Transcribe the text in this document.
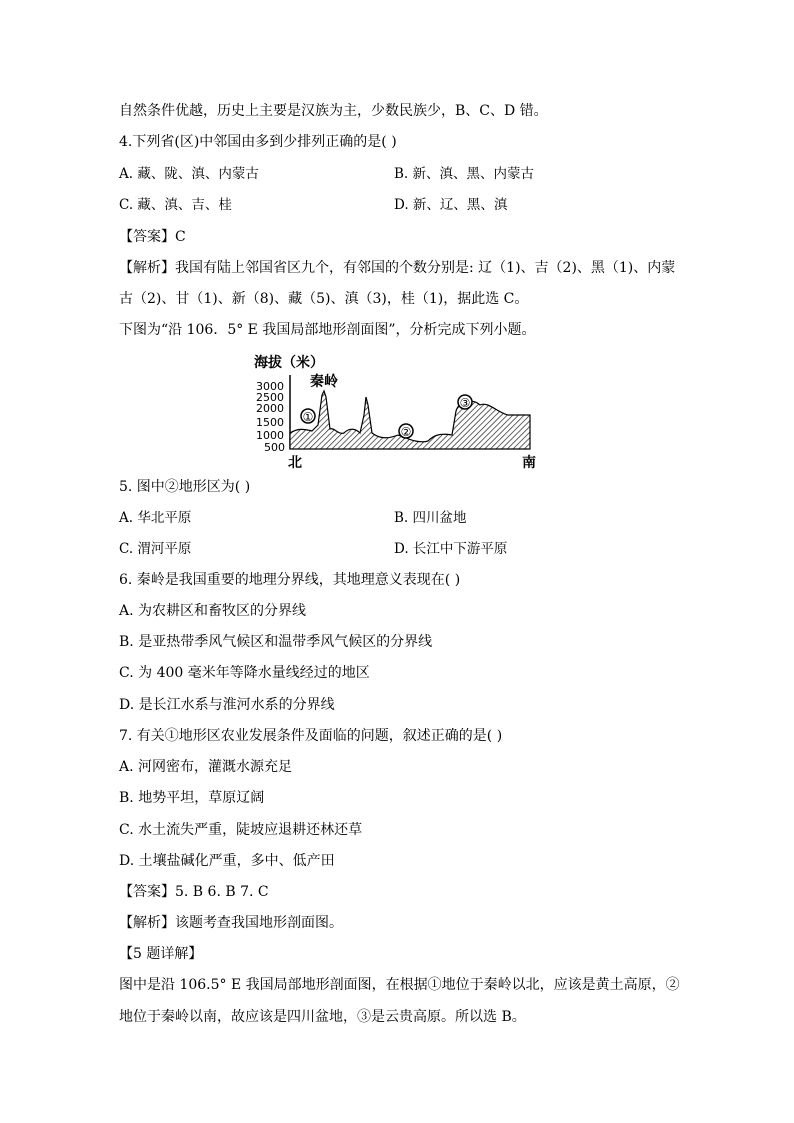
自然条件优越，历史上主要是汉族为主，少数民族少，B、C、D 错。
4.下列省(区)中邻国由多到少排列正确的是( )
A. 藏、陇、滇、内蒙古	B. 新、滇、黑、内蒙古
C. 藏、滇、吉、桂	D. 新、辽、黑、滇
【答案】C
【解析】我国有陆上邻国省区九个，有邻国的个数分别是: 辽（1)、吉（2)、黑（1)、内蒙
古（2)、甘（1)、新（8)、藏（5)、滇（3)，桂（1)，据此选 C。
下图为“沿 106．5° E 我国局部地形剖面图”，分析完成下列小题。
海拔（米）
秦岭
3000
2500
2000
1500
1000
500
①
②
③
北	南
5. 图中②地形区为( )
A. 华北平原	B. 四川盆地
C. 渭河平原	D. 长江中下游平原
6. 秦岭是我国重要的地理分界线，其地理意义表现在( )
A. 为农耕区和畜牧区的分界线
B. 是亚热带季风气候区和温带季风气候区的分界线
C. 为 400 毫米年等降水量线经过的地区
D. 是长江水系与淮河水系的分界线
7. 有关①地形区农业发展条件及面临的问题，叙述正确的是( )
A. 河网密布，灌溉水源充足
B. 地势平坦，草原辽阔
C. 水土流失严重，陡坡应退耕还林还草
D. 土壤盐碱化严重，多中、低产田
【答案】5. B 6. B 7. C
【解析】该题考查我国地形剖面图。
【5 题详解】
图中是沿 106.5° E 我国局部地形剖面图，在根据①地位于秦岭以北，应该是黄土高原，②
地位于秦岭以南，故应该是四川盆地，③是云贵高原。所以选 B。
